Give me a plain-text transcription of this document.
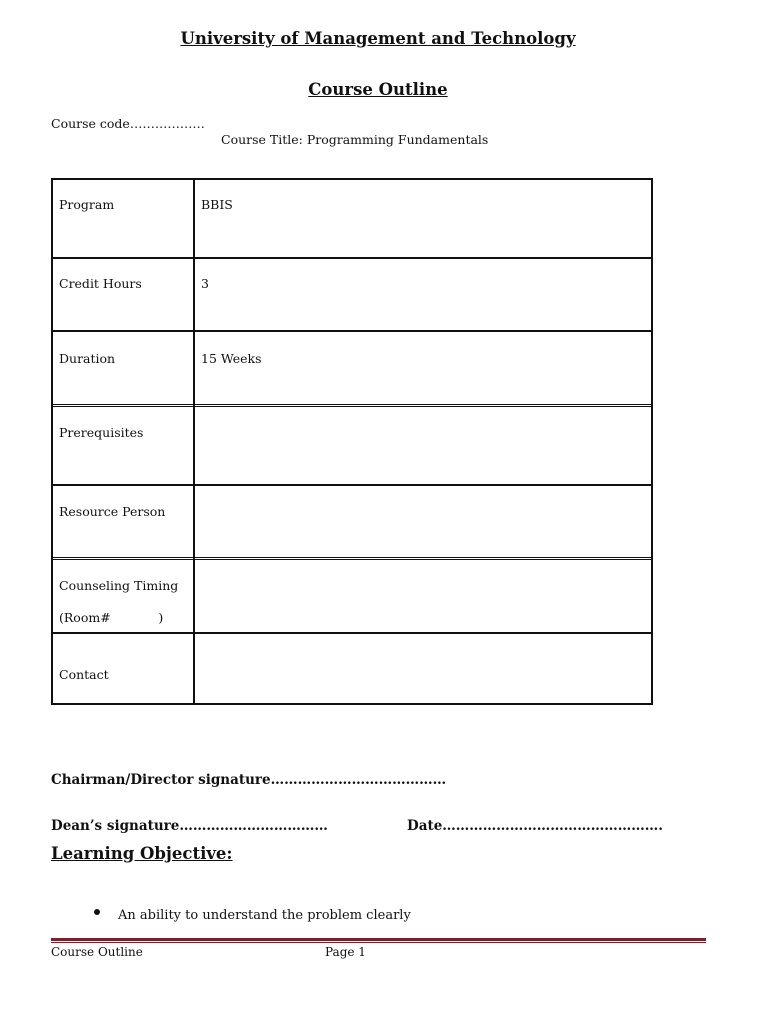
University of Management and Technology
Course Outline
Course code………………
Course Title: Programming Fundamentals
Program	BBIS
Credit Hours	3
Duration	15 Weeks
Prerequisites
Resource Person
Counseling Timing
(Room#            )
Contact
Chairman/Director signature…………………………………
Dean’s signature……………………………	Date………………………………………….
Learning Objective:
An ability to understand the problem clearly
Course Outline	Page 1
